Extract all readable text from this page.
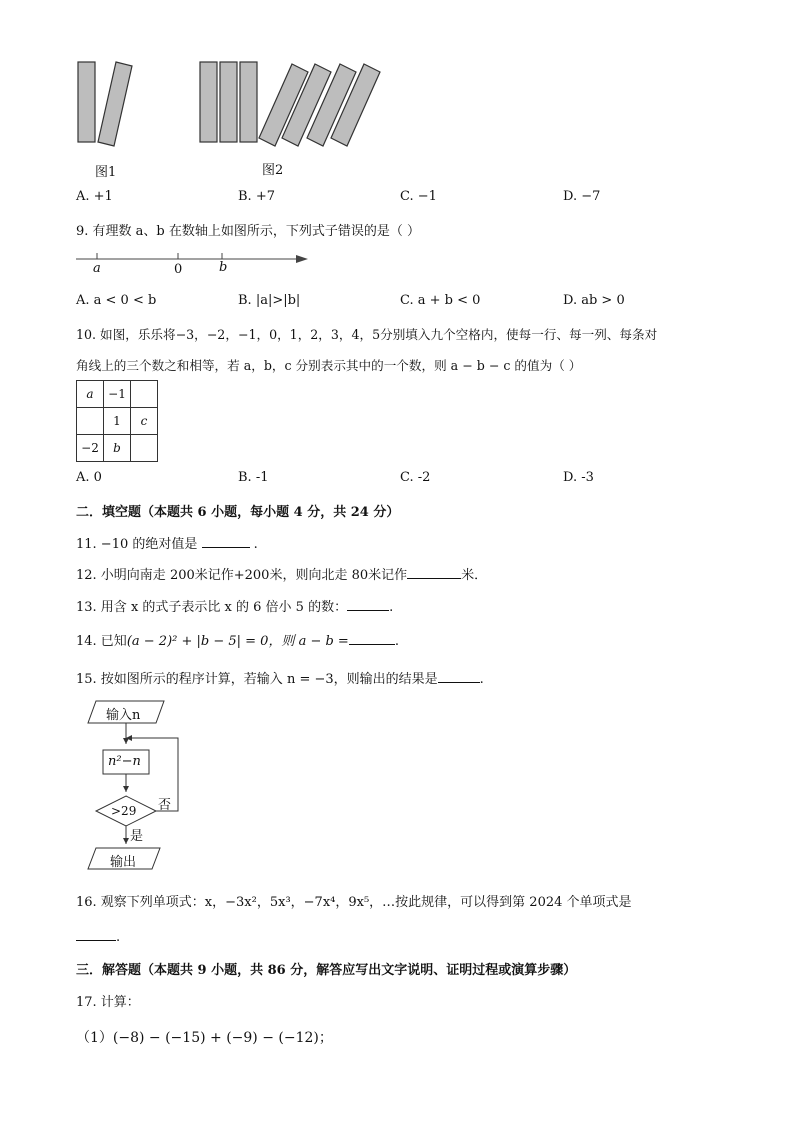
图1	图2
A. +1	B. +7	C. −1	D. −7
9. 有理数 a、b 在数轴上如图所示，下列式子错误的是（ ）
a	0	b
A. a < 0 < b	B. |a|>|b|	C. a + b < 0	D. ab > 0
10. 如图，乐乐将−3，−2，−1，0，1，2，3，4，5分别填入九个空格内，使每一行、每一列、每条对
角线上的三个数之和相等，若 a，b，c 分别表示其中的一个数，则 a − b − c 的值为（ ）
a	−1	
	1	c
−2	b	
A. 0	B. -1	C. -2	D. -3
二．填空题（本题共 6 小题，每小题 4 分，共 24 分）
11. −10 的绝对值是	.
12. 小明向南走 200米记作+200米，则向北走 80米记作	米．
13. 用含 x 的式子表示比 x 的 6 倍小 5 的数：	.
14. 已知(a − 2)² + |b − 5| = 0，则 a − b =	.
15. 按如图所示的程序计算，若输入 n = −3，则输出的结果是	.
输入n
n²−n
>29 否
是
输出
16. 观察下列单项式：x，−3x²，5x³，−7x⁴，9x⁵，…按此规律，可以得到第 2024 个单项式是
.
三．解答题（本题共 9 小题，共 86 分，解答应写出文字说明、证明过程或演算步骤）
17. 计算：
（1）(−8) − (−15) + (−9) − (−12)；
